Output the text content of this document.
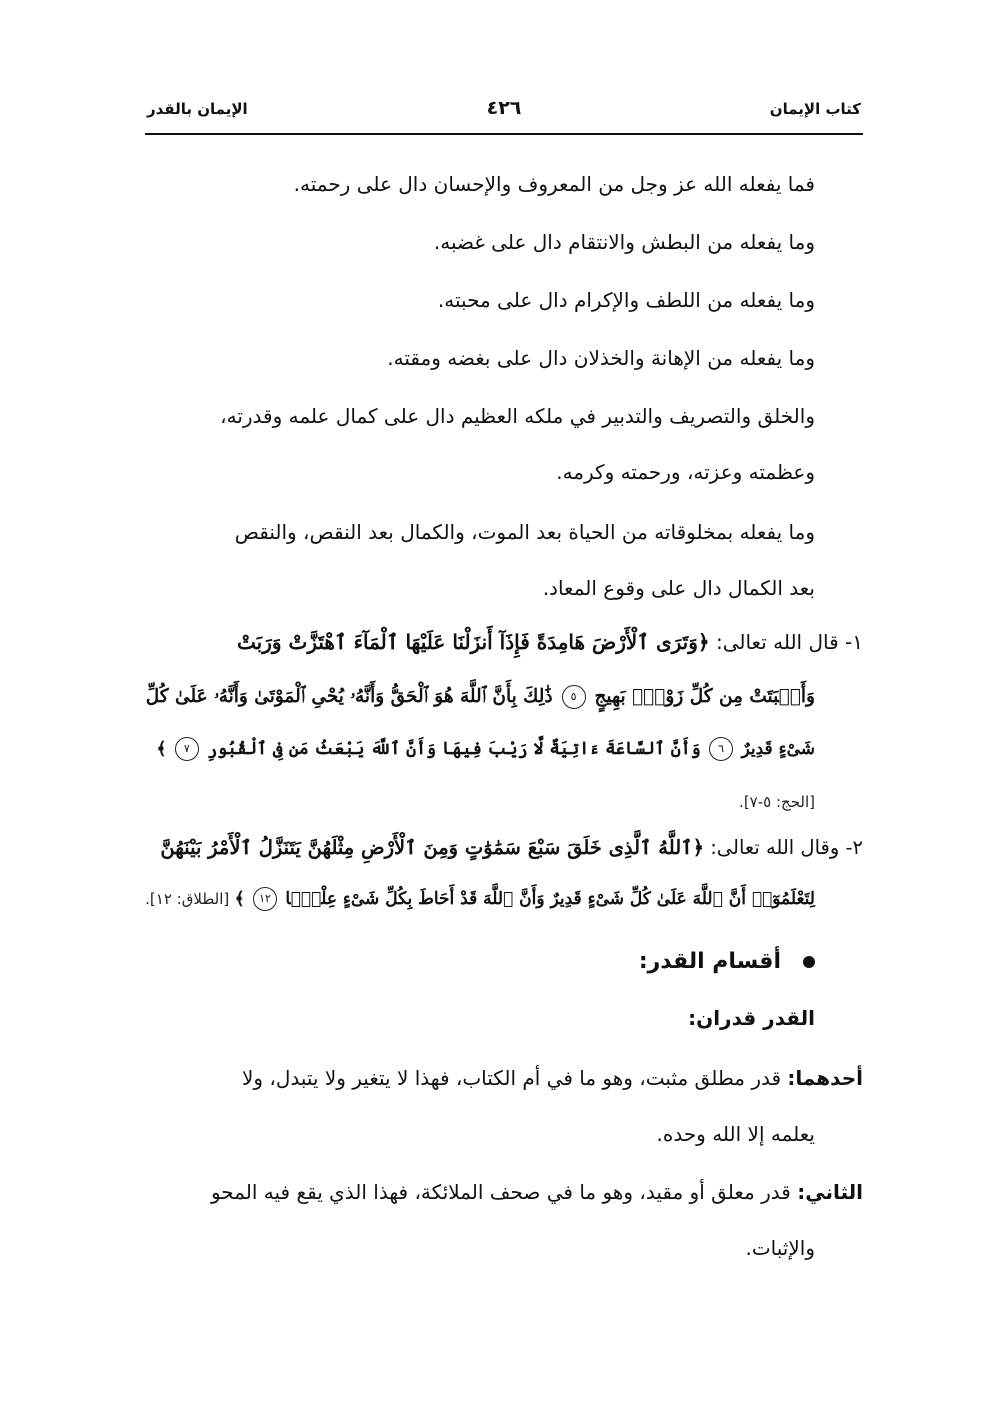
كتاب الإيمان
٤٢٦
الإيمان بالقدر
فما يفعله الله عز وجل من المعروف والإحسان دال على رحمته.
وما يفعله من البطش والانتقام دال على غضبه.
وما يفعله من اللطف والإكرام دال على محبته.
وما يفعله من الإهانة والخذلان دال على بغضه ومقته.
والخلق والتصريف والتدبير في ملكه العظيم دال على كمال علمه وقدرته،
وعظمته وعزته، ورحمته وكرمه.
وما يفعله بمخلوقاته من الحياة بعد الموت، والكمال بعد النقص، والنقص
بعد الكمال دال على وقوع المعاد.
١- قال الله تعالى: ﴿وَتَرَى ٱلْأَرْضَ هَامِدَةً فَإِذَآ أَنزَلْنَا عَلَيْهَا ٱلْمَآءَ ٱهْتَزَّتْ وَرَبَتْ
وَأَنۢبَتَتْ مِن كُلِّ زَوْجٍۭ بَهِيجٍ ٥ ذَٰلِكَ بِأَنَّ ٱللَّهَ هُوَ ٱلْحَقُّ وَأَنَّهُۥ يُحْىِ ٱلْمَوْتَىٰ وَأَنَّهُۥ عَلَىٰ كُلِّ
شَىْءٍ قَدِيرٌ ٦ وَأَنَّ ٱلسَّاعَةَ ءَاتِيَةٌ لَّا رَيْبَ فِيهَا وَأَنَّ ٱللَّهَ يَبْعَثُ مَن فِى ٱلْقُبُورِ ٧ ﴾
[الحج: ٥-٧].
٢- وقال الله تعالى: ﴿ٱللَّهُ ٱلَّذِى خَلَقَ سَبْعَ سَمَٰوَٰتٍ وَمِنَ ٱلْأَرْضِ مِثْلَهُنَّ يَتَنَزَّلُ ٱلْأَمْرُ بَيْنَهُنَّ
لِتَعْلَمُوٓا۟ أَنَّ ٱللَّهَ عَلَىٰ كُلِّ شَىْءٍ قَدِيرٌ وَأَنَّ ٱللَّهَ قَدْ أَحَاطَ بِكُلِّ شَىْءٍ عِلْمًۢا ١٢ ﴾ [الطلاق: ١٢].
أقسام القدر:
القدر قدران:
أحدهما: قدر مطلق مثبت، وهو ما في أم الكتاب، فهذا لا يتغير ولا يتبدل، ولا
يعلمه إلا الله وحده.
الثاني: قدر معلق أو مقيد، وهو ما في صحف الملائكة، فهذا الذي يقع فيه المحو
والإثبات.
